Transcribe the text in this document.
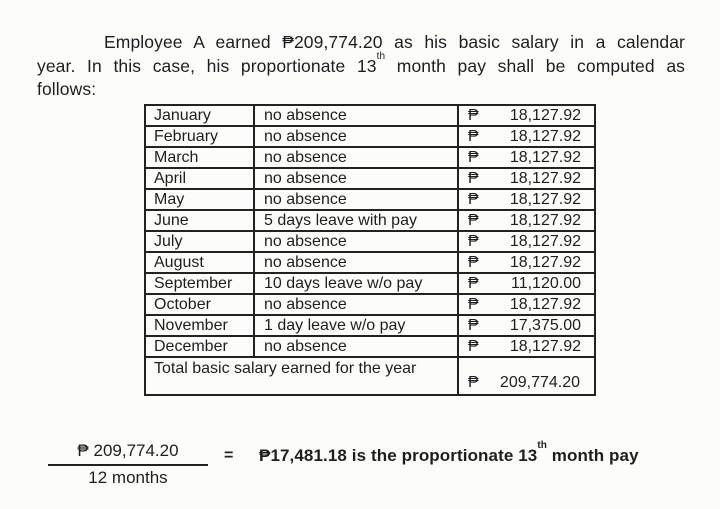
Employee A earned ₱209,774.20 as his basic salary in a calendar
year. In this case, his proportionate 13th month pay shall be computed as
follows:
January	no absence	₱ 18,127.92

February	no absence	₱ 18,127.92

March	no absence	₱ 18,127.92

April	no absence	₱ 18,127.92

May	no absence	₱ 18,127.92

June	5 days leave with pay	₱ 18,127.92

July	no absence	₱ 18,127.92

August	no absence	₱ 18,127.92

September	10 days leave w/o pay	₱ 11,120.00

October	no absence	₱ 18,127.92

November	1 day leave w/o pay	₱ 17,375.00

December	no absence	₱ 18,127.92

Total basic salary earned for the year		₱ 209,774.20
₱ 209,774.20
12 months
= ₱17,481.18 is the proportionate 13th month pay
